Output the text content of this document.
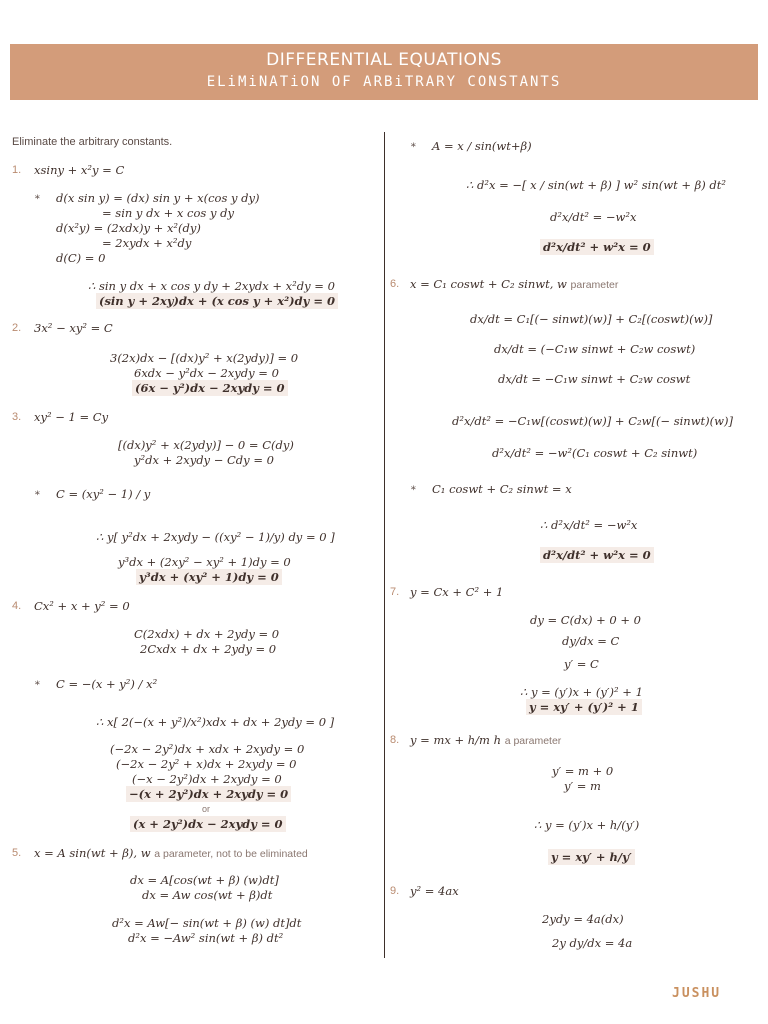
DIFFERENTIAL EQUATIONS
ELiMiNATiON OF ARBiTRARY CONSTANTS
Eliminate the arbitrary constants.
1. xsiny + x²y = C
∗ d(x sin y) = (dx) sin y + x(cos y dy)
= sin y dx + x cos y dy
d(x²y) = (2xdx)y + x²(dy)
= 2xydx + x²dy
d(C) = 0
∴ sin y dx + x cos y dy + 2xydx + x²dy = 0
(sin y + 2xy)dx + (x cos y + x²)dy = 0
2. 3x² − xy² = C
3(2x)dx − [(dx)y² + x(2ydy)] = 0
6xdx − y²dx − 2xydy = 0
(6x − y²)dx − 2xydy = 0
3. xy² − 1 = Cy
[(dx)y² + x(2ydy)] − 0 = C(dy)
y²dx + 2xydy − Cdy = 0
∗ C = (xy² − 1) / y
∴ y[ y²dx + 2xydy − ((xy² − 1)/y) dy = 0 ]
y³dx + (2xy² − xy² + 1)dy = 0
y³dx + (xy² + 1)dy = 0
4. Cx² + x + y² = 0
C(2xdx) + dx + 2ydy = 0
2Cxdx + dx + 2ydy = 0
∗ C = −(x + y²) / x²
∴ x[ 2(−(x + y²)/x²)xdx + dx + 2ydy = 0 ]
(−2x − 2y²)dx + xdx + 2xydy = 0
(−2x − 2y² + x)dx + 2xydy = 0
(−x − 2y²)dx + 2xydy = 0
−(x + 2y²)dx + 2xydy = 0
or
(x + 2y²)dx − 2xydy = 0
5. x = A sin(wt + β), w a parameter, not to be eliminated
dx = A[cos(wt + β) (w)dt]
dx = Aw cos(wt + β)dt
d²x = Aw[− sin(wt + β) (w) dt]dt
d²x = −Aw² sin(wt + β) dt²
∗ A = x / sin(wt+β)
∴ d²x = −[ x / sin(wt + β) ] w² sin(wt + β) dt²
d²x/dt² = −w²x
d²x/dt² + w²x = 0
6. x = C₁ coswt + C₂ sinwt, w parameter
dx/dt = C₁[(− sinwt)(w)] + C₂[(coswt)(w)]
dx/dt = (−C₁w sinwt + C₂w coswt)
dx/dt = −C₁w sinwt + C₂w coswt
d²x/dt² = −C₁w[(coswt)(w)] + C₂w[(− sinwt)(w)]
d²x/dt² = −w²(C₁ coswt + C₂ sinwt)
∗ C₁ coswt + C₂ sinwt = x
∴ d²x/dt² = −w²x
d²x/dt² + w²x = 0
7. y = Cx + C² + 1
dy = C(dx) + 0 + 0
dy/dx = C
y′ = C
∴ y = (y′)x + (y′)² + 1
y = xy′ + (y′)² + 1
8. y = mx + h/m h a parameter
y′ = m + 0
y′ = m
∴ y = (y′)x + h/(y′)
y = xy′ + h/y′
9. y² = 4ax
2ydy = 4a(dx)
2y dy/dx = 4a
JUSHU
